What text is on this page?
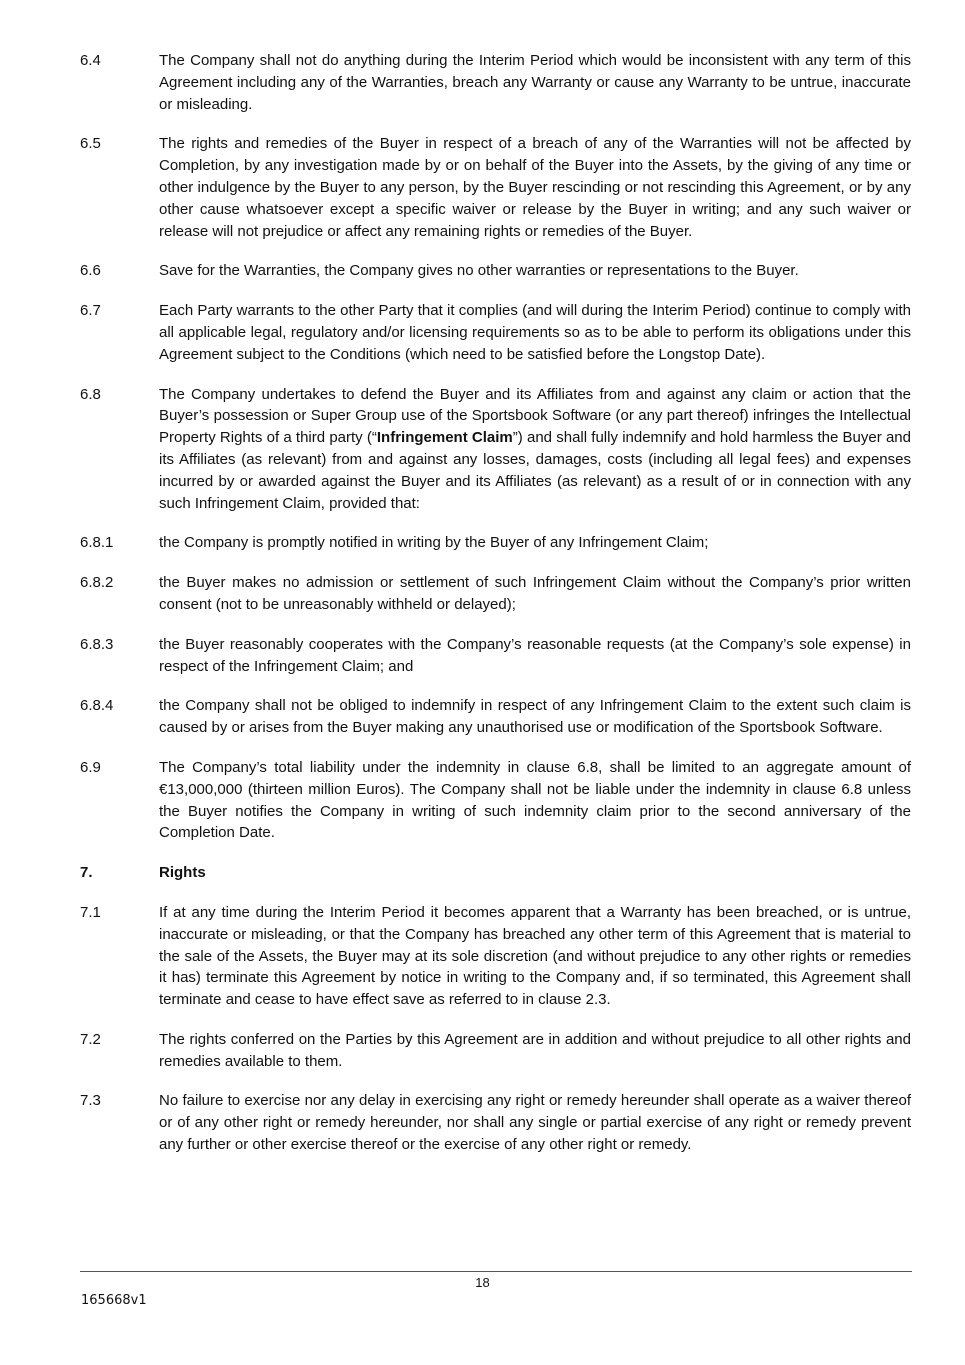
6.4	The Company shall not do anything during the Interim Period which would be inconsistent with any term of this Agreement including any of the Warranties, breach any Warranty or cause any Warranty to be untrue, inaccurate or misleading.
6.5	The rights and remedies of the Buyer in respect of a breach of any of the Warranties will not be affected by Completion, by any investigation made by or on behalf of the Buyer into the Assets, by the giving of any time or other indulgence by the Buyer to any person, by the Buyer rescinding or not rescinding this Agreement, or by any other cause whatsoever except a specific waiver or release by the Buyer in writing; and any such waiver or release will not prejudice or affect any remaining rights or remedies of the Buyer.
6.6	Save for the Warranties, the Company gives no other warranties or representations to the Buyer.
6.7	Each Party warrants to the other Party that it complies (and will during the Interim Period) continue to comply with all applicable legal, regulatory and/or licensing requirements so as to be able to perform its obligations under this Agreement subject to the Conditions (which need to be satisfied before the Longstop Date).
6.8	The Company undertakes to defend the Buyer and its Affiliates from and against any claim or action that the Buyer’s possession or Super Group use of the Sportsbook Software (or any part thereof) infringes the Intellectual Property Rights of a third party (“Infringement Claim”) and shall fully indemnify and hold harmless the Buyer and its Affiliates (as relevant) from and against any losses, damages, costs (including all legal fees) and expenses incurred by or awarded against the Buyer and its Affiliates (as relevant) as a result of or in connection with any such Infringement Claim, provided that:
6.8.1	the Company is promptly notified in writing by the Buyer of any Infringement Claim;
6.8.2	the Buyer makes no admission or settlement of such Infringement Claim without the Company’s prior written consent (not to be unreasonably withheld or delayed);
6.8.3	the Buyer reasonably cooperates with the Company’s reasonable requests (at the Company’s sole expense) in respect of the Infringement Claim; and
6.8.4	the Company shall not be obliged to indemnify in respect of any Infringement Claim to the extent such claim is caused by or arises from the Buyer making any unauthorised use or modification of the Sportsbook Software.
6.9	The Company’s total liability under the indemnity in clause 6.8, shall be limited to an aggregate amount of €13,000,000 (thirteen million Euros). The Company shall not be liable under the indemnity in clause 6.8 unless the Buyer notifies the Company in writing of such indemnity claim prior to the second anniversary of the Completion Date.
7.	Rights
7.1	If at any time during the Interim Period it becomes apparent that a Warranty has been breached, or is untrue, inaccurate or misleading, or that the Company has breached any other term of this Agreement that is material to the sale of the Assets, the Buyer may at its sole discretion (and without prejudice to any other rights or remedies it has) terminate this Agreement by notice in writing to the Company and, if so terminated, this Agreement shall terminate and cease to have effect save as referred to in clause 2.3.
7.2	The rights conferred on the Parties by this Agreement are in addition and without prejudice to all other rights and remedies available to them.
7.3	No failure to exercise nor any delay in exercising any right or remedy hereunder shall operate as a waiver thereof or of any other right or remedy hereunder, nor shall any single or partial exercise of any right or remedy prevent any further or other exercise thereof or the exercise of any other right or remedy.
18
165668v1
